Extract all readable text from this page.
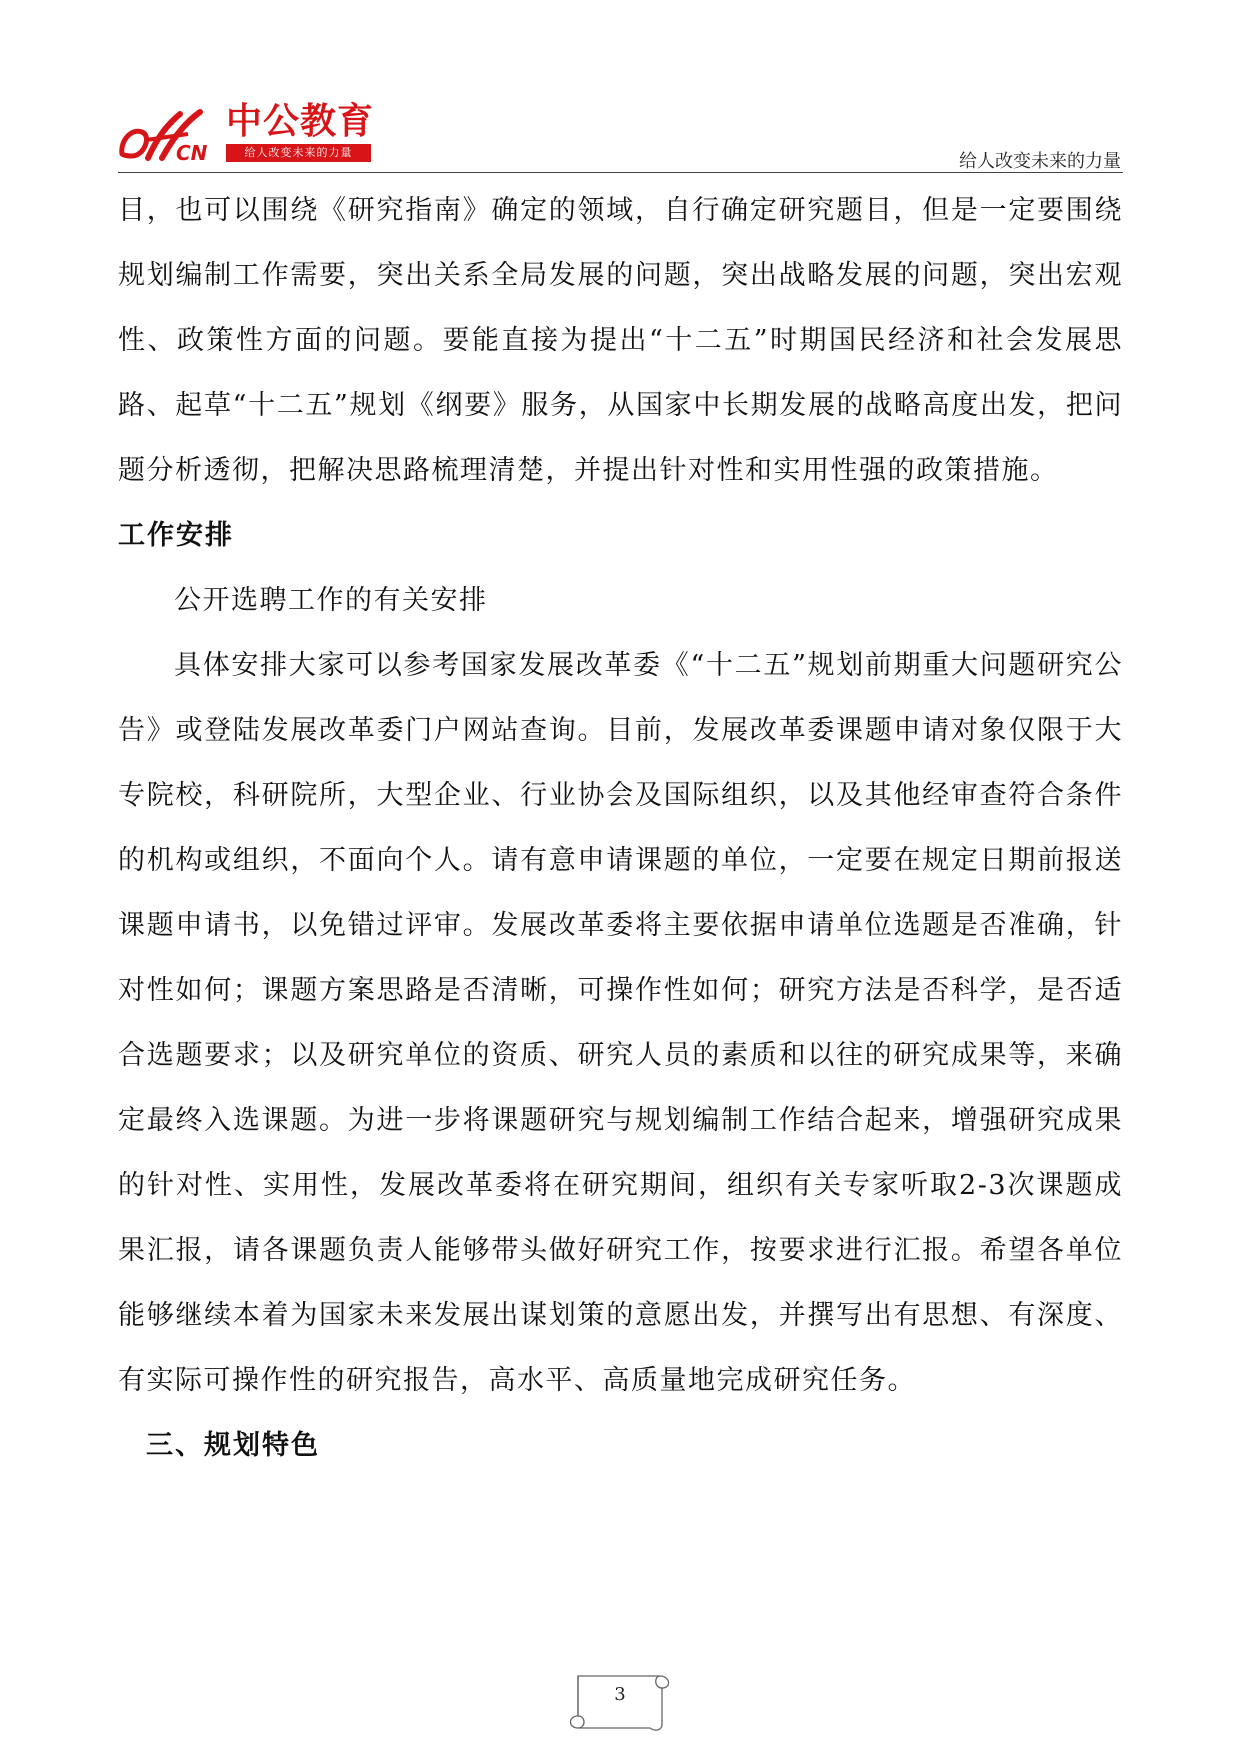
CN
中公教育
给人改变未来的力量	给人改变未来的力量

目，也可以围绕《研究指南》确定的领域，自行确定研究题目，但是一定要围绕规划编制工作需要，突出关系全局发展的问题，突出战略发展的问题，突出宏观性、政策性方面的问题。要能直接为提出“十二五”时期国民经济和社会发展思路、起草“十二五”规划《纲要》服务，从国家中长期发展的战略高度出发，把问题分析透彻，把解决思路梳理清楚，并提出针对性和实用性强的政策措施。

工作安排

公开选聘工作的有关安排

具体安排大家可以参考国家发展改革委《“十二五”规划前期重大问题研究公告》或登陆发展改革委门户网站查询。目前，发展改革委课题申请对象仅限于大专院校，科研院所，大型企业、行业协会及国际组织，以及其他经审查符合条件的机构或组织，不面向个人。请有意申请课题的单位，一定要在规定日期前报送课题申请书，以免错过评审。发展改革委将主要依据申请单位选题是否准确，针对性如何；课题方案思路是否清晰，可操作性如何；研究方法是否科学，是否适合选题要求；以及研究单位的资质、研究人员的素质和以往的研究成果等，来确定最终入选课题。为进一步将课题研究与规划编制工作结合起来，增强研究成果的针对性、实用性，发展改革委将在研究期间，组织有关专家听取2-3次课题成果汇报，请各课题负责人能够带头做好研究工作，按要求进行汇报。希望各单位能够继续本着为国家未来发展出谋划策的意愿出发，并撰写出有思想、有深度、有实际可操作性的研究报告，高水平、高质量地完成研究任务。

三、规划特色

3
